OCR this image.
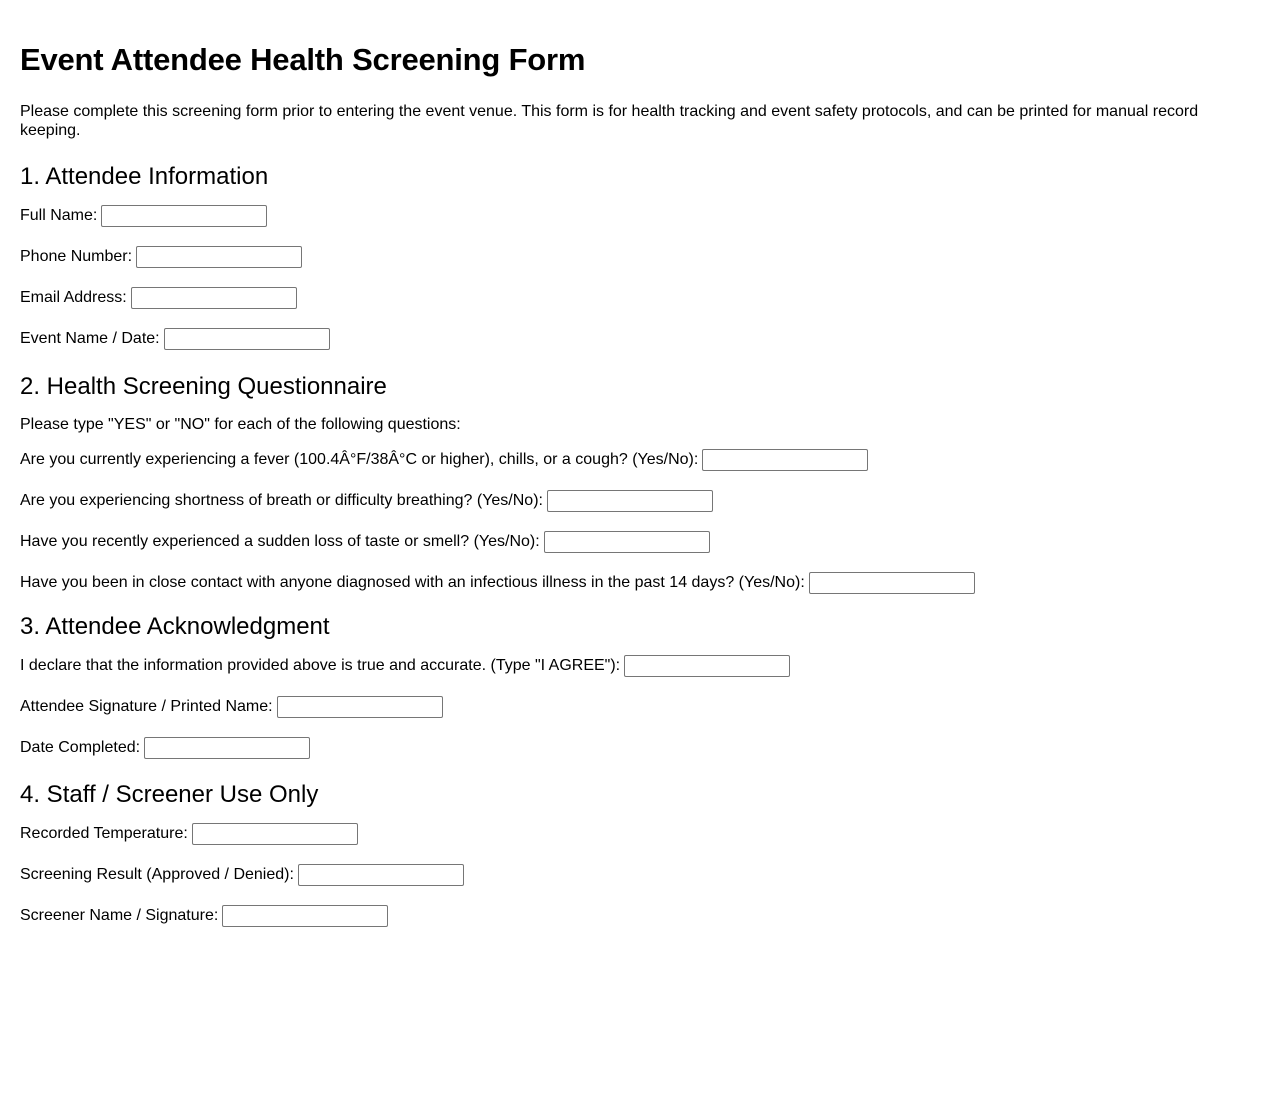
Event Attendee Health Screening Form

Please complete this screening form prior to entering the event venue. This form is for health tracking and event safety protocols, and can be printed for manual record keeping.

1. Attendee Information
Full Name:
Phone Number:
Email Address:
Event Name / Date:
2. Health Screening Questionnaire
Please type "YES" or "NO" for each of the following questions:
Are you currently experiencing a fever (100.4Â°F/38Â°C or higher), chills, or a cough? (Yes/No):
Are you experiencing shortness of breath or difficulty breathing? (Yes/No):
Have you recently experienced a sudden loss of taste or smell? (Yes/No):
Have you been in close contact with anyone diagnosed with an infectious illness in the past 14 days? (Yes/No):
3. Attendee Acknowledgment
I declare that the information provided above is true and accurate. (Type "I AGREE"):
Attendee Signature / Printed Name:
Date Completed:
4. Staff / Screener Use Only
Recorded Temperature:
Screening Result (Approved / Denied):
Screener Name / Signature:
